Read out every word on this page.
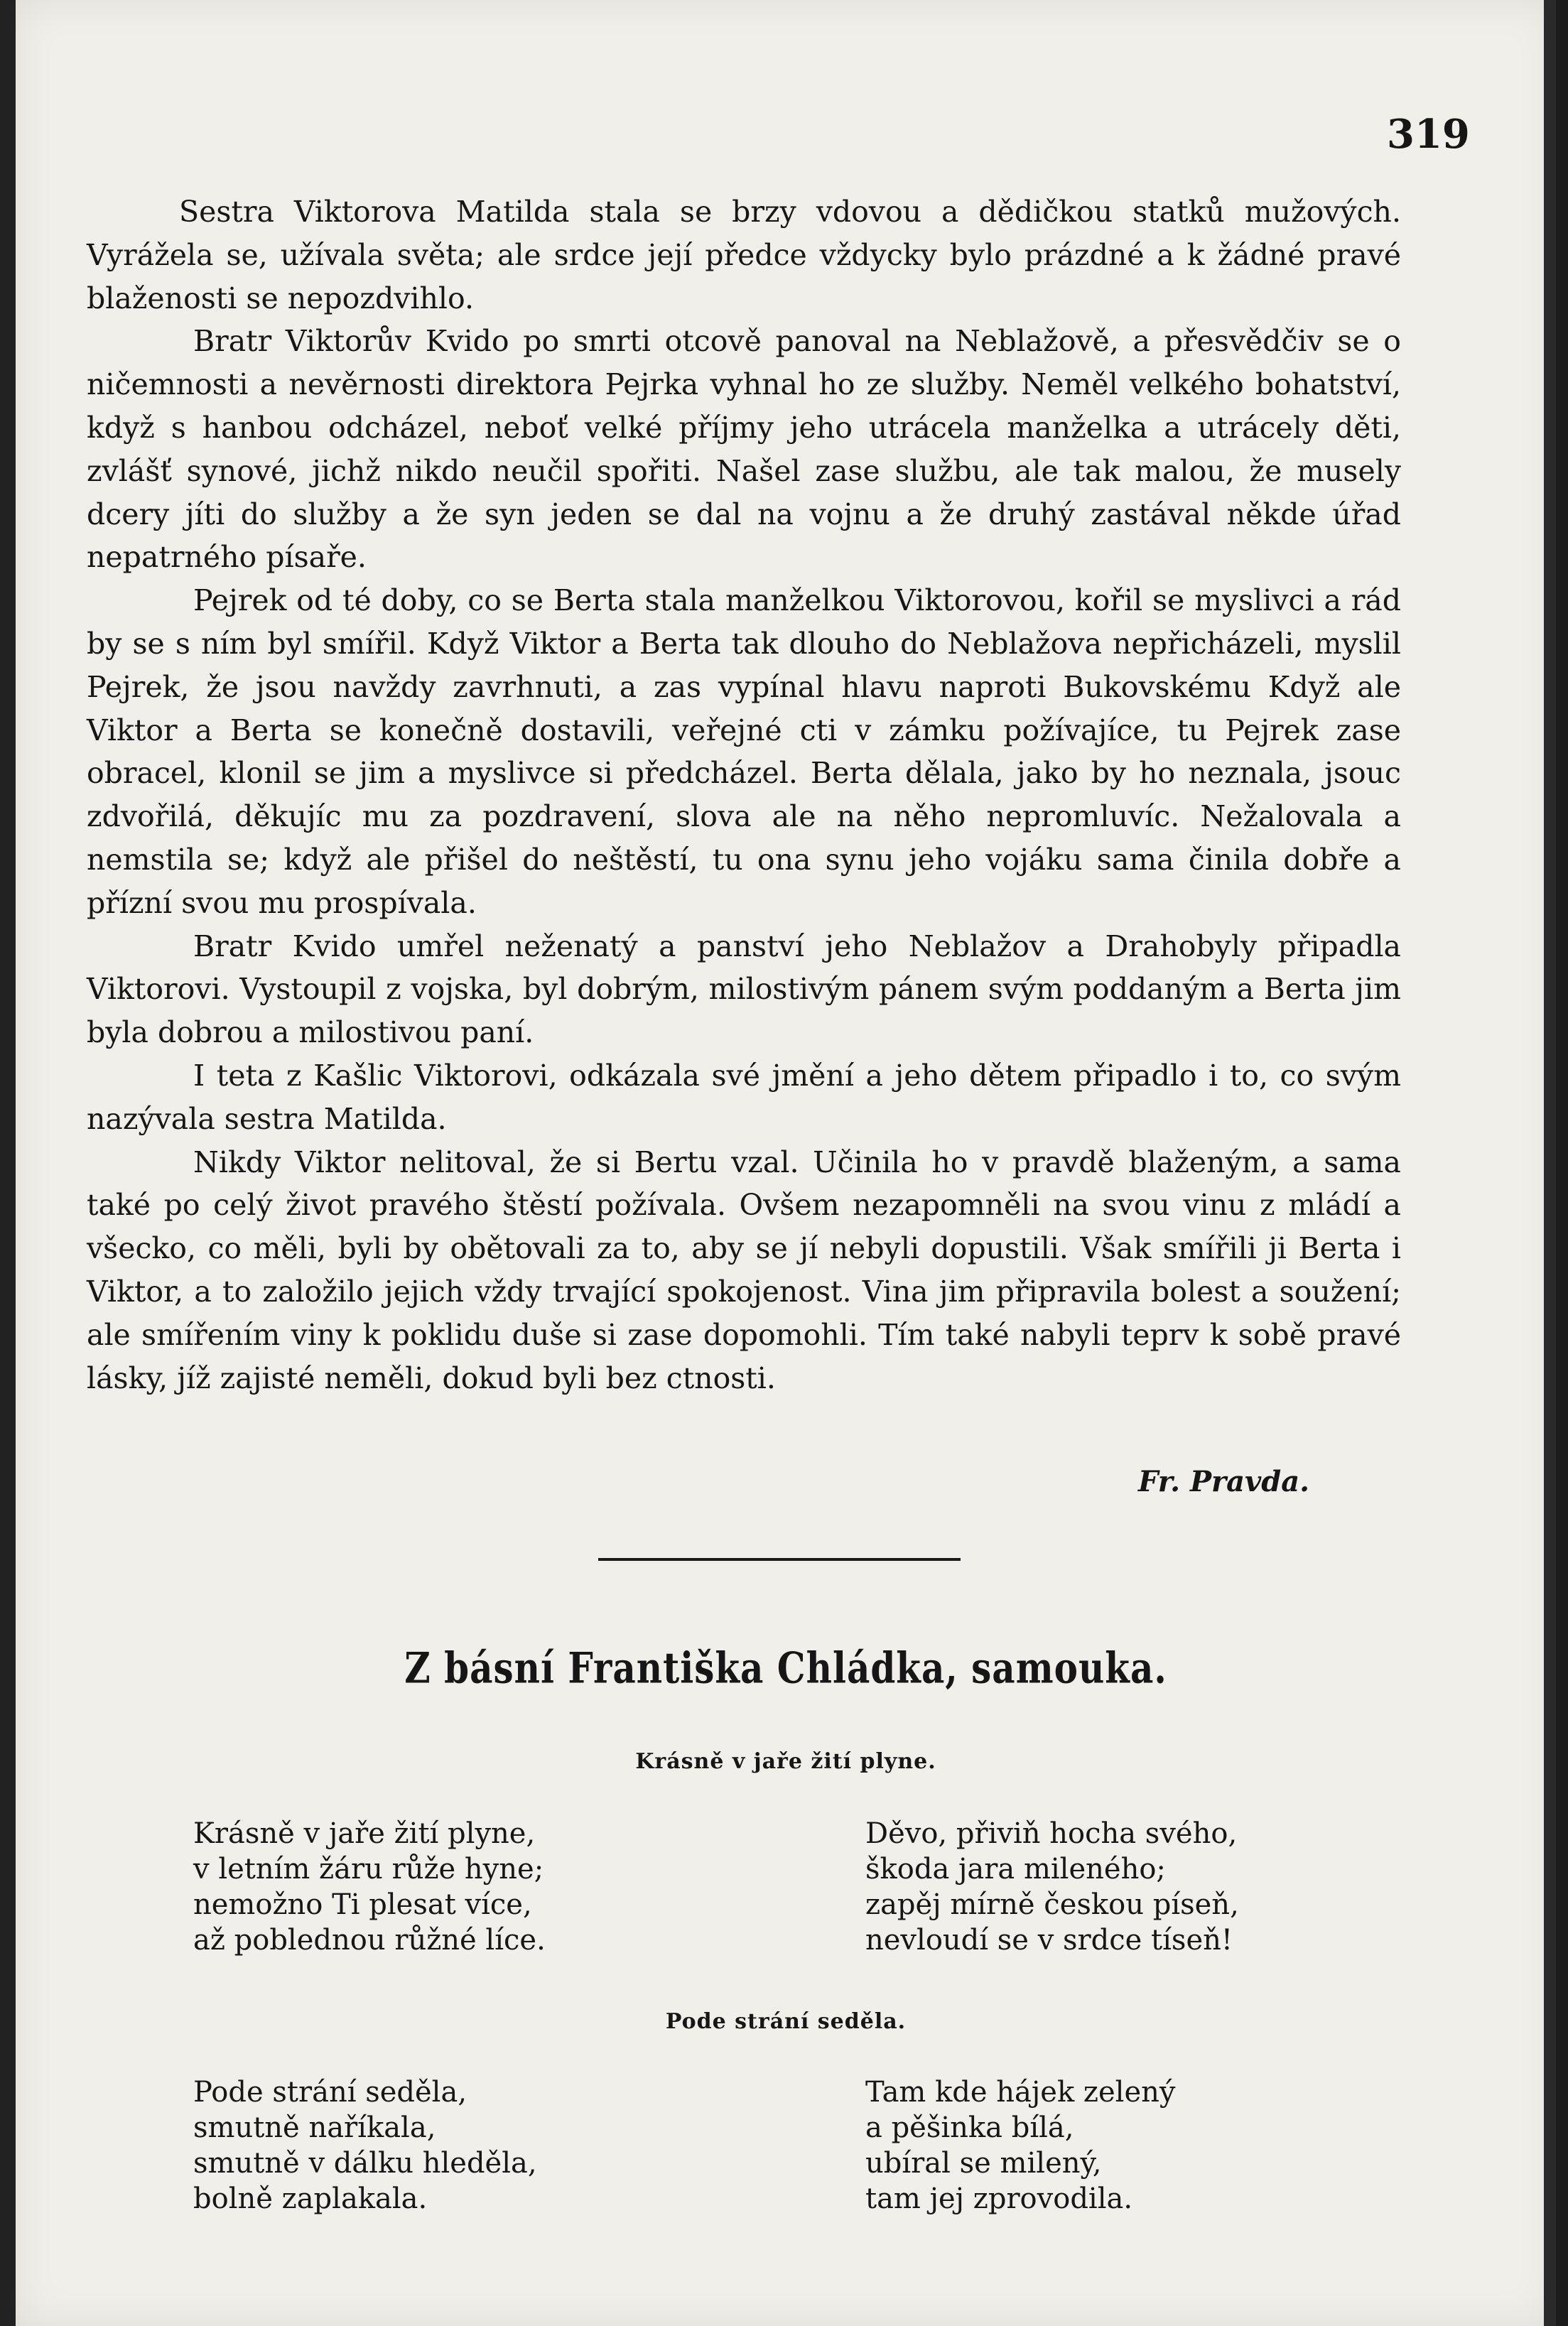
319

Sestra Viktorova Matilda stala se brzy vdovou a dědičkou statků mužových. Vyrážela se, užívala světa; ale srdce její předce vždycky bylo prázdné a k žádné pravé blaženosti se nepozdvihlo.

Bratr Viktorův Kvido po smrti otcově panoval na Neblažově, a přesvědčiv se o ničemnosti a nevěrnosti direktora Pejrka vyhnal ho ze služby. Neměl velkého bohatství, když s hanbou odcházel, neboť velké příjmy jeho utrácela manželka a utrácely děti, zvlášť synové, jichž nikdo neučil spořiti. Našel zase službu, ale tak malou, že musely dcery jíti do služby a že syn jeden se dal na vojnu a že druhý zastával někde úřad nepatrného písaře.

Pejrek od té doby, co se Berta stala manželkou Viktorovou, kořil se myslivci a rád by se s ním byl smířil. Když Viktor a Berta tak dlouho do Neblažova nepřicházeli, myslil Pejrek, že jsou navždy zavrhnuti, a zas vypínal hlavu naproti Bukovskému Když ale Viktor a Berta se konečně dostavili, veřejné cti v zámku požívajíce, tu Pejrek zase obracel, klonil se jim a myslivce si předcházel. Berta dělala, jako by ho neznala, jsouc zdvořilá, děkujíc mu za pozdravení, slova ale na něho nepromluvíc. Nežalovala a nemstila se; když ale přišel do neštěstí, tu ona synu jeho vojáku sama činila dobře a přízní svou mu prospívala.

Bratr Kvido umřel neženatý a panství jeho Neblažov a Drahobyly připadla Viktorovi. Vystoupil z vojska, byl dobrým, milostivým pánem svým poddaným a Berta jim byla dobrou a milostivou paní.

I teta z Kašlic Viktorovi, odkázala své jmění a jeho dětem připadlo i to, co svým nazývala sestra Matilda.

Nikdy Viktor nelitoval, že si Bertu vzal. Učinila ho v pravdě blaženým, a sama také po celý život pravého štěstí požívala. Ovšem nezapomněli na svou vinu z mládí a všecko, co měli, byli by obětovali za to, aby se jí nebyli dopustili. Však smířili ji Berta i Viktor, a to založilo jejich vždy trvající spokojenost. Vina jim připravila bolest a soužení; ale smířením viny k poklidu duše si zase dopomohli. Tím také nabyli teprv k sobě pravé lásky, jíž zajisté neměli, dokud byli bez ctnosti.

Fr. Pravda.
Z básní Františka Chládka, samouka.
Krásně v jaře žití plyne.
Krásně v jaře žití plyne,
v letním žáru růže hyne;
nemožno Ti plesat více,
až poblednou růžné líce.
Děvo, přiviň hocha svého,
škoda jara milenéhо;
zapěj mírně českou píseň,
nevloudí se v srdce tíseň!
Pode strání seděla.
Pode strání seděla,
smutně naříkala,
smutně v dálku hleděla,
bolně zaplakala.
Tam kde hájek zelený
a pěšinka bílá,
ubíral se milený,
tam jej zprovodila.
